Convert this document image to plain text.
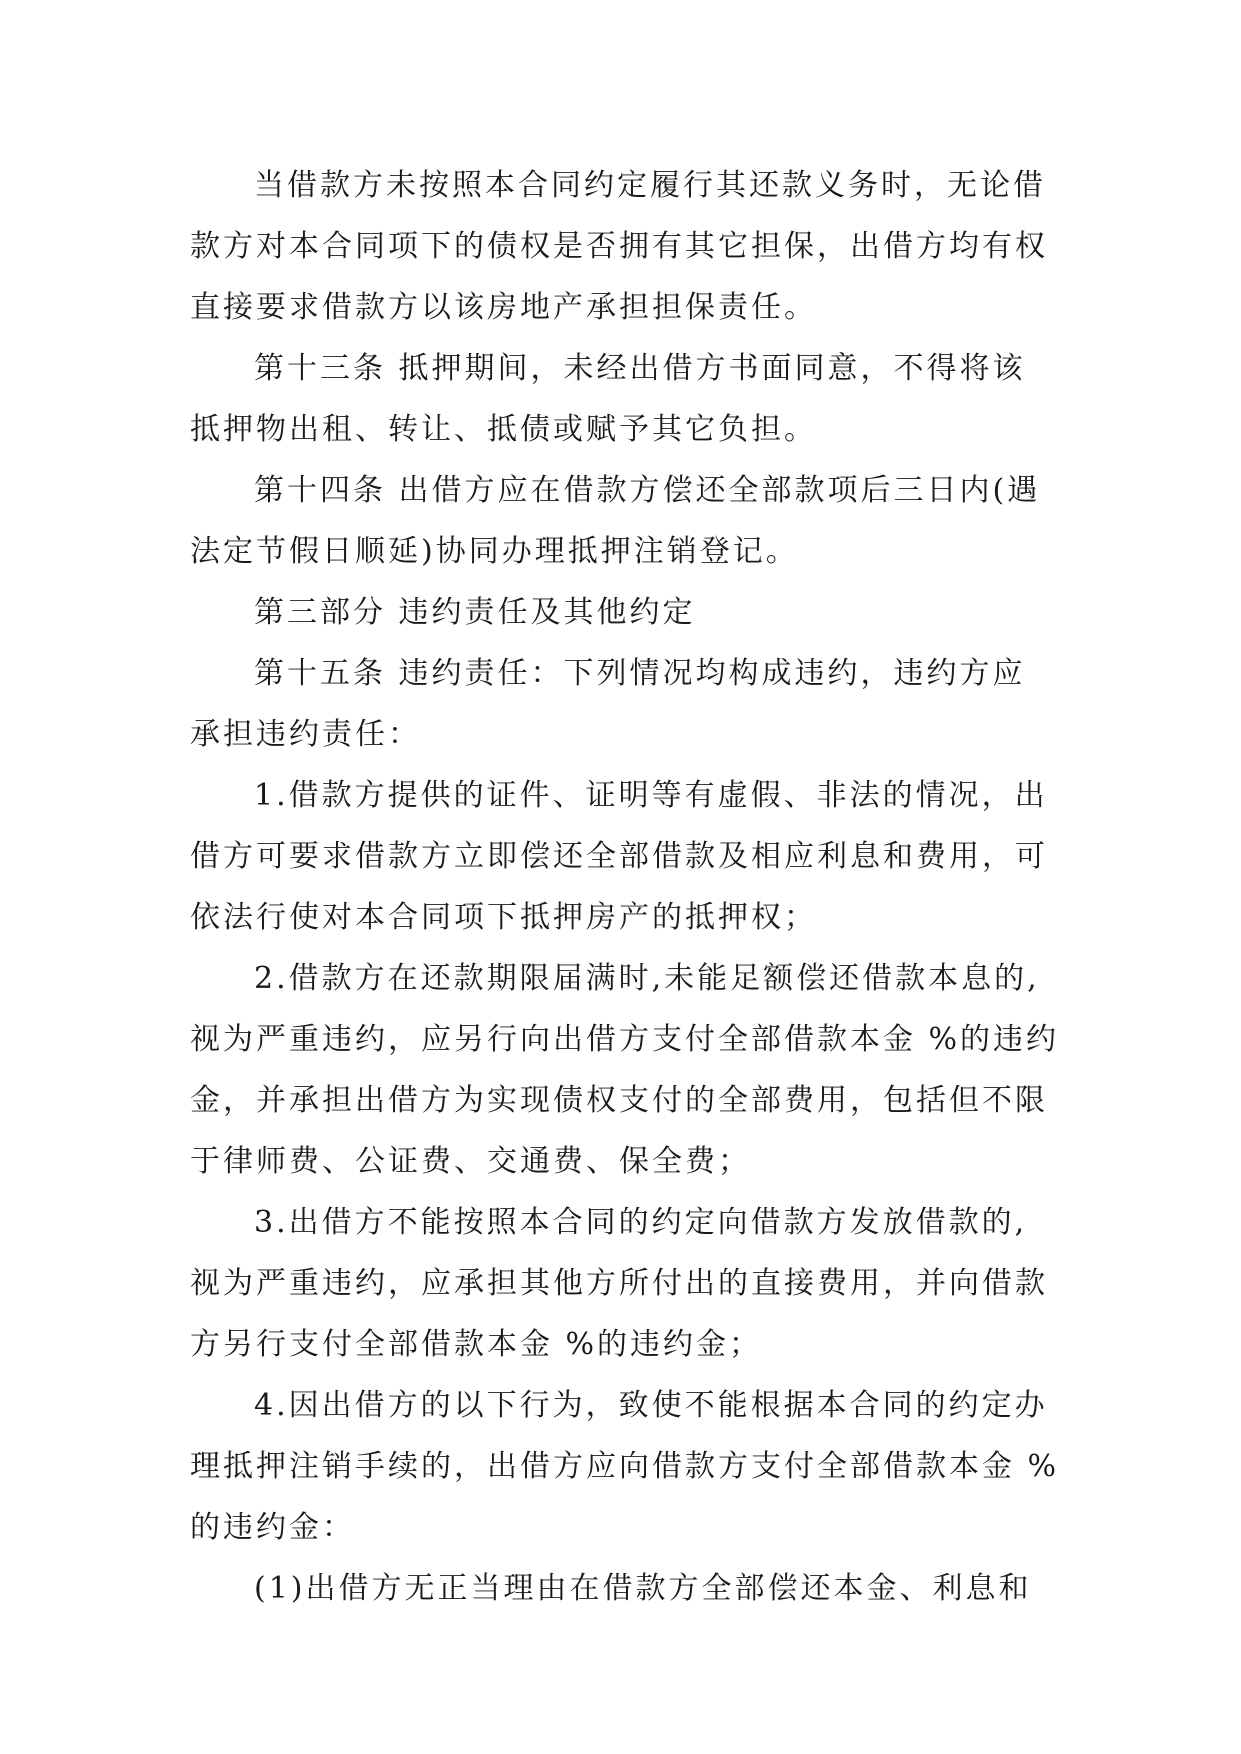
当借款方未按照本合同约定履行其还款义务时，无论借
款方对本合同项下的债权是否拥有其它担保，出借方均有权
直接要求借款方以该房地产承担担保责任。
第十三条 抵押期间，未经出借方书面同意，不得将该
抵押物出租、转让、抵债或赋予其它负担。
第十四条 出借方应在借款方偿还全部款项后三日内(遇
法定节假日顺延)协同办理抵押注销登记。
第三部分 违约责任及其他约定
第十五条 违约责任：下列情况均构成违约，违约方应
承担违约责任：
1.借款方提供的证件、证明等有虚假、非法的情况，出
借方可要求借款方立即偿还全部借款及相应利息和费用，可
依法行使对本合同项下抵押房产的抵押权；
2.借款方在还款期限届满时,未能足额偿还借款本息的,
视为严重违约，应另行向出借方支付全部借款本金 %的违约
金，并承担出借方为实现债权支付的全部费用，包括但不限
于律师费、公证费、交通费、保全费；
3.出借方不能按照本合同的约定向借款方发放借款的,
视为严重违约，应承担其他方所付出的直接费用，并向借款
方另行支付全部借款本金 %的违约金；
4.因出借方的以下行为，致使不能根据本合同的约定办
理抵押注销手续的，出借方应向借款方支付全部借款本金 %
的违约金：
(1)出借方无正当理由在借款方全部偿还本金、利息和
